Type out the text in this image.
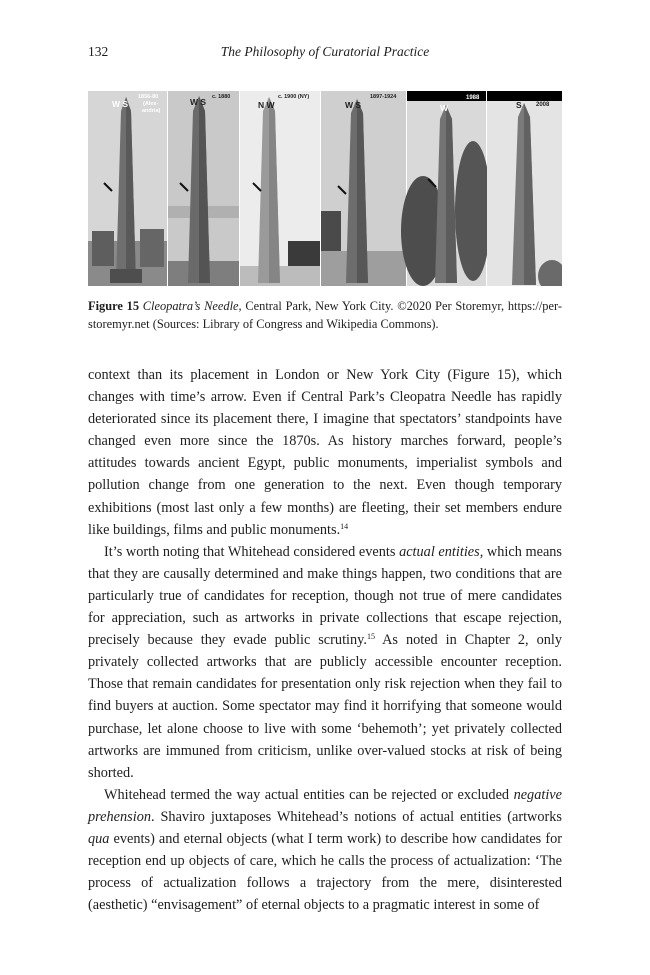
132	The Philosophy of Curatorial Practice
W S
1856-80
(Alex-
andria)
W S c. 1880
N W
c. 1900 (NY)
W S
1897-1924
W
1988
S 2008
Figure 15 Cleopatra’s Needle, Central Park, New York City. ©2020 Per Storemyr, https://per-storemyr.net (Sources: Library of Congress and Wikipedia Commons).

context than its placement in London or New York City (Figure 15), which changes with time’s arrow. Even if Central Park’s Cleopatra Needle has rapidly deteriorated since its placement there, I imagine that spectators’ standpoints have changed even more since the 1870s. As history marches forward, people’s attitudes towards ancient Egypt, public monuments, imperialist symbols and pollution change from one generation to the next. Even though temporary exhibitions (most last only a few months) are fleeting, their set members endure like buildings, films and public monuments.$^{14}$

It’s worth noting that Whitehead considered events actual entities, which means that they are causally determined and make things happen, two conditions that are particularly true of candidates for reception, though not true of mere candidates for appreciation, such as artworks in private collections that escape rejection, precisely because they evade public scrutiny.$^{15}$ As noted in Chapter 2, only privately collected artworks that are publicly accessible encounter reception. Those that remain candidates for presentation only risk rejection when they fail to find buyers at auction. Some spectator may find it horrifying that someone would purchase, let alone choose to live with some ‘behemoth’; yet privately collected artworks are immuned from criticism, unlike over-valued stocks at risk of being shorted.

Whitehead termed the way actual entities can be rejected or excluded negative prehension. Shaviro juxtaposes Whitehead’s notions of actual entities (artworks qua events) and eternal objects (what I term work) to describe how candidates for reception end up objects of care, which he calls the process of actualization: ‘The process of actualization follows a trajectory from the mere, disinterested (aesthetic) “envisagement” of eternal objects to a pragmatic interest in some of
